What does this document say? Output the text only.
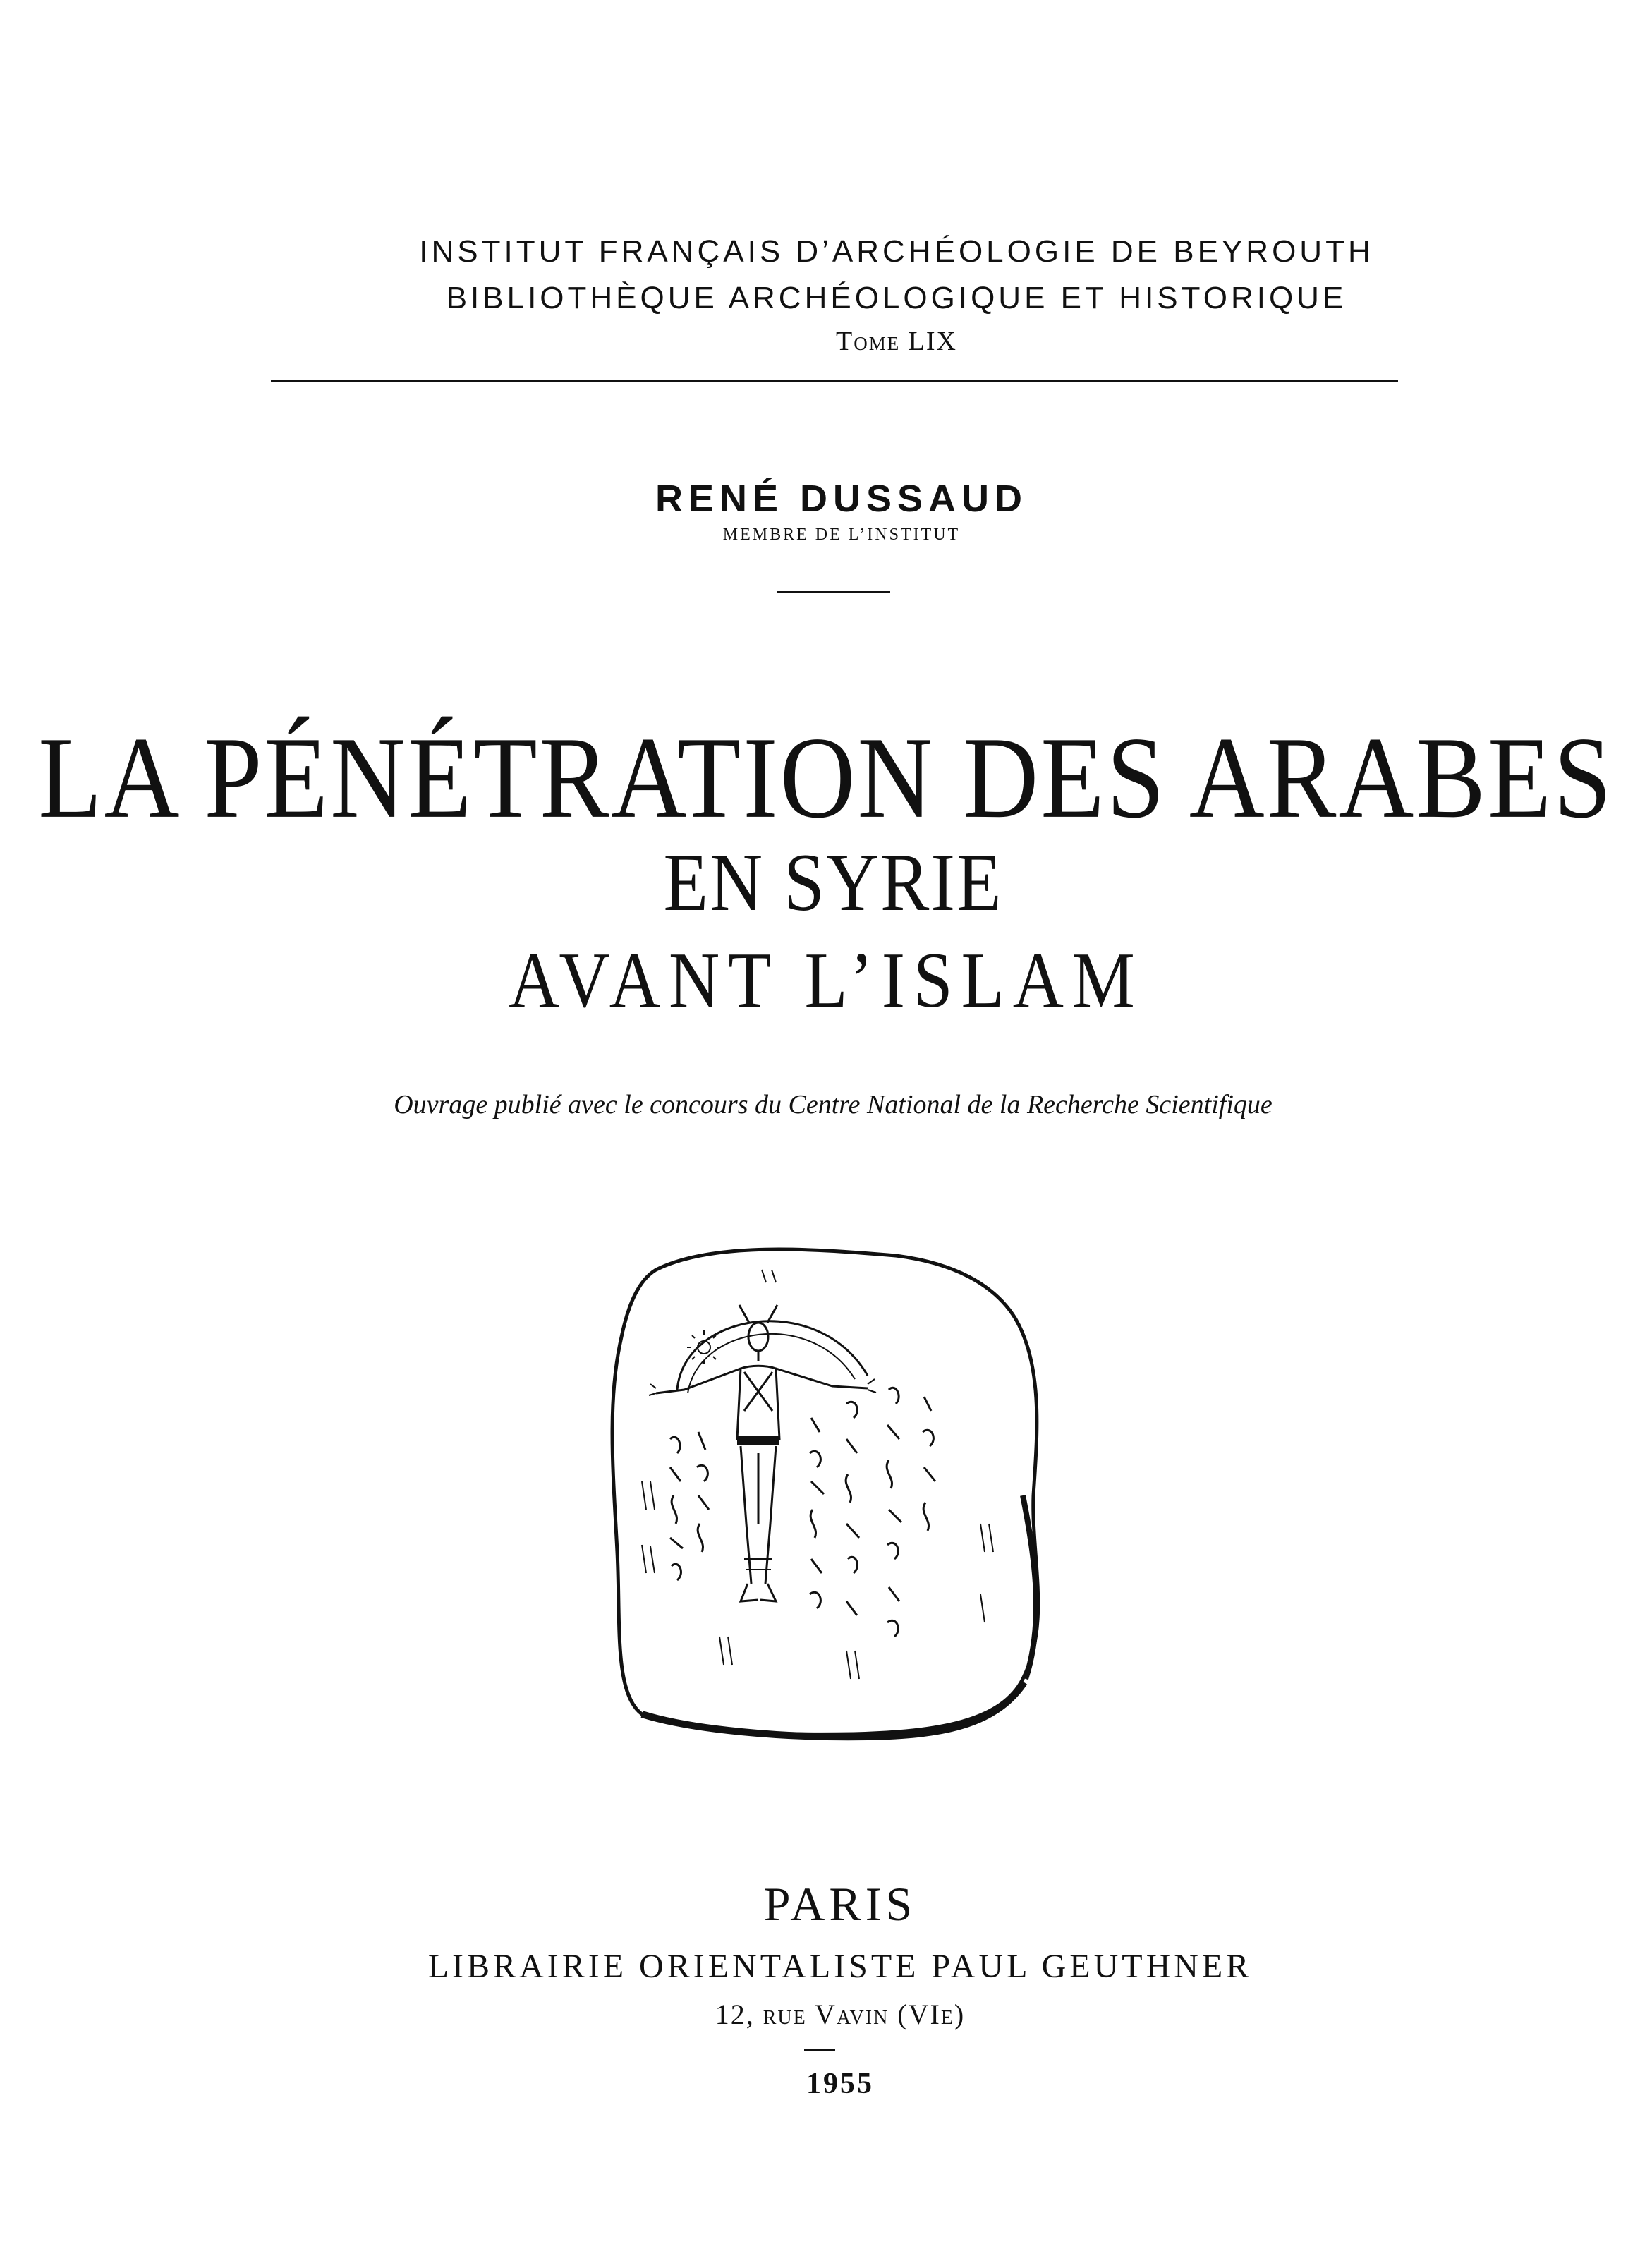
INSTITUT FRANÇAIS D’ARCHÉOLOGIE DE BEYROUTH
BIBLIOTHÈQUE ARCHÉOLOGIQUE ET HISTORIQUE
Tome LIX
RENÉ DUSSAUD
MEMBRE DE L’INSTITUT
LA PÉNÉTRATION DES ARABES
EN SYRIE
AVANT L’ISLAM
Ouvrage publié avec le concours du Centre National de la Recherche Scientifique
PARIS
LIBRAIRIE ORIENTALISTE PAUL GEUTHNER
12, rue Vavin (VIe)
1955
